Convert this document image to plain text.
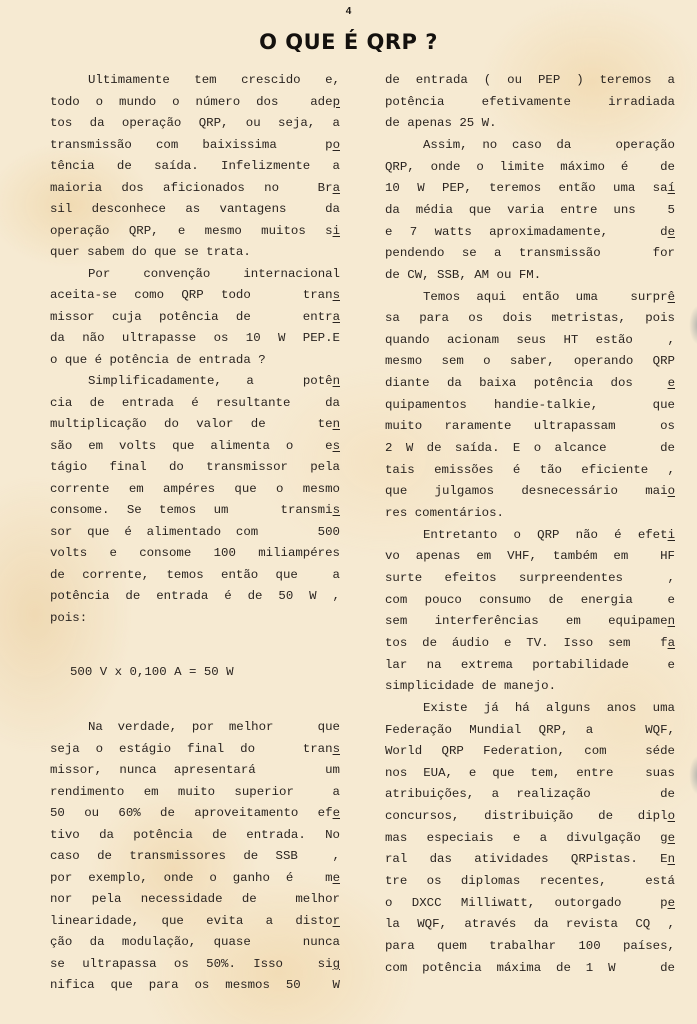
4
O QUE É QRP ?
Ultimamente tem crescido e,
todo o mundo o número dos  adep
tos da operação QRP, ou seja, a
transmissão com baixissima  po
tência de saída. Infelizmente a
maioria dos aficionados no  Bra
sil desconhece as vantagens  da
operação QRP, e mesmo muitos si
quer sabem do que se trata.
Por convenção internacional
aceita-se como QRP todo   trans
missor cuja potência de   entra
da não ultrapasse os 10 W PEP.E
o que é potência de entrada ?
Simplificadamente, a  potên
cia de entrada é resultante  da
multiplicação do valor de   ten
são em volts que alimenta o  es
tágio final do transmissor pela
corrente em ampéres que o mesmo
consome. Se temos um   transmis
sor que é alimentado com    500
volts e consome 100 miliampéres
de corrente, temos então que  a
potência de entrada é de 50 W ,
pois:
500 V x 0,100 A = 50 W
Na verdade, por melhor   que
seja o estágio final do   trans
missor, nunca apresentará    um
rendimento em muito superior  a
50 ou 60% de aproveitamento efe
tivo da potência de entrada. No
caso de transmissores de SSB  ,
por exemplo, onde o ganho é  me
nor pela necessidade de  melhor
linearidade, que evita a distor
ção da modulação, quase   nunca
se ultrapassa os 50%. Isso  sig
nifica que para os mesmos 50  W
de entrada ( ou PEP ) teremos a
potência efetivamente irradiada
de apenas 25 W.
Assim, no caso da   operação
QRP, onde o limite máximo é  de
10 W PEP, teremos então uma saí
da média que varia entre uns  5
e 7 watts aproximadamente,   de
pendendo se a transmissão   for
de CW, SSB, AM ou FM.
Temos aqui então uma  surprê
sa para os dois metristas, pois
quando acionam seus HT estão  ,
mesmo sem o saber, operando QRP
diante da baixa potência dos  e
quipamentos handie-talkie,  que
muito raramente ultrapassam  os
2 W de saída. E o alcance    de
tais emissões é tão eficiente ,
que julgamos desnecessário maio
res comentários.
Entretanto o QRP não é efeti
vo apenas em VHF, também em  HF
surte efeitos surpreendentes  ,
com pouco consumo de energia  e
sem interferências em equipamen
tos de áudio e TV. Isso sem  fa
lar na extrema portabilidade  e
simplicidade de manejo.
Existe já há alguns anos uma
Federação Mundial QRP, a   WQF,
World QRP Federation, com  séde
nos EUA, e que tem, entre  suas
atribuições, a realização    de
concursos, distribuição de diplo
mas especiais e a divulgação ge
ral das atividades QRPistas. En
tre os diplomas recentes,  está
o DXCC Milliwatt, outorgado  pe
la WQF, através da revista CQ ,
para quem trabalhar 100 países,
com potência máxima de 1 W   de
